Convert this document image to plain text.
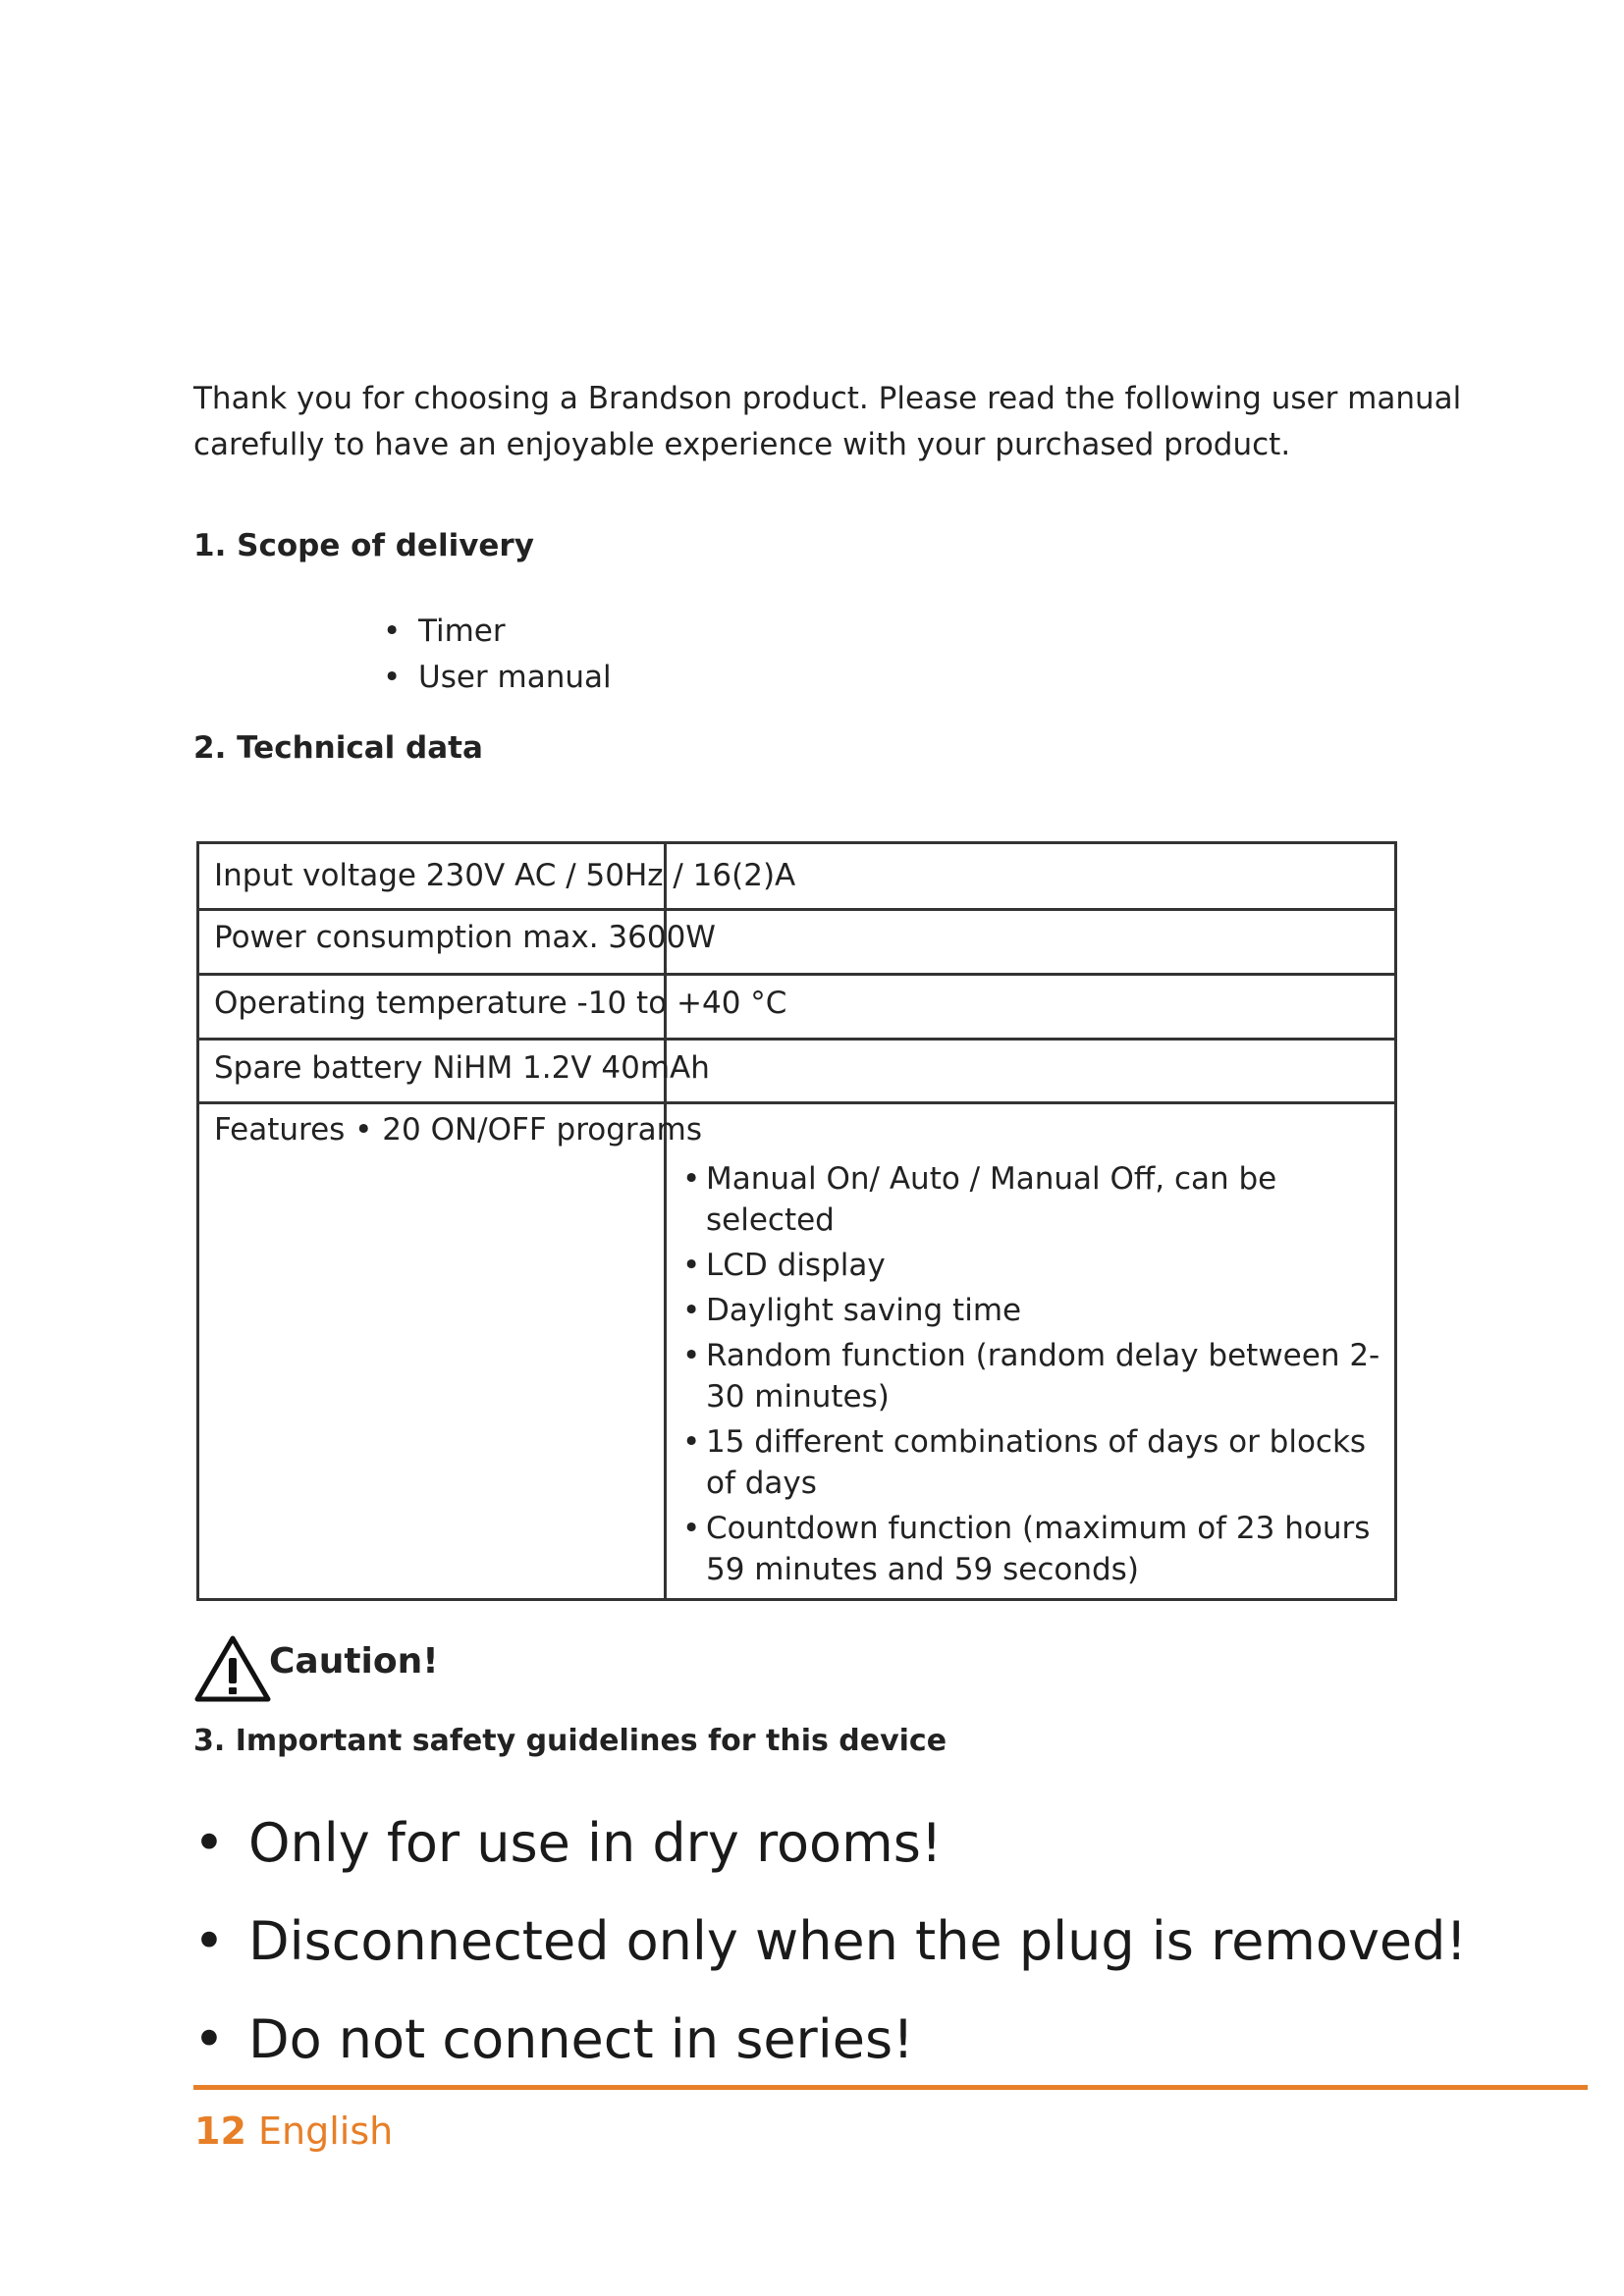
Thank you for choosing a Brandson product. Please read the following user manual
carefully to have an enjoyable experience with your purchased product.
1. Scope of delivery
• Timer
• User manual
2. Technical data

Input voltage 230V AC / 50Hz / 16(2)A

Power consumption max. 3600W

Operating temperature -10 to +40 °C

Spare battery NiHM 1.2V 40mAh

Features • 20 ON/OFF programs

• Manual On/ Auto / Manual Off, can be selected
• LCD display
• Daylight saving time
• Random function (random delay between 2-30 minutes)
• 15 different combinations of days or blocks of days
• Countdown function (maximum of 23 hours 59 minutes and 59 seconds)
Caution!
3. Important safety guidelines for this device
• Only for use in dry rooms!
• Disconnected only when the plug is removed!
• Do not connect in series!

12 English
